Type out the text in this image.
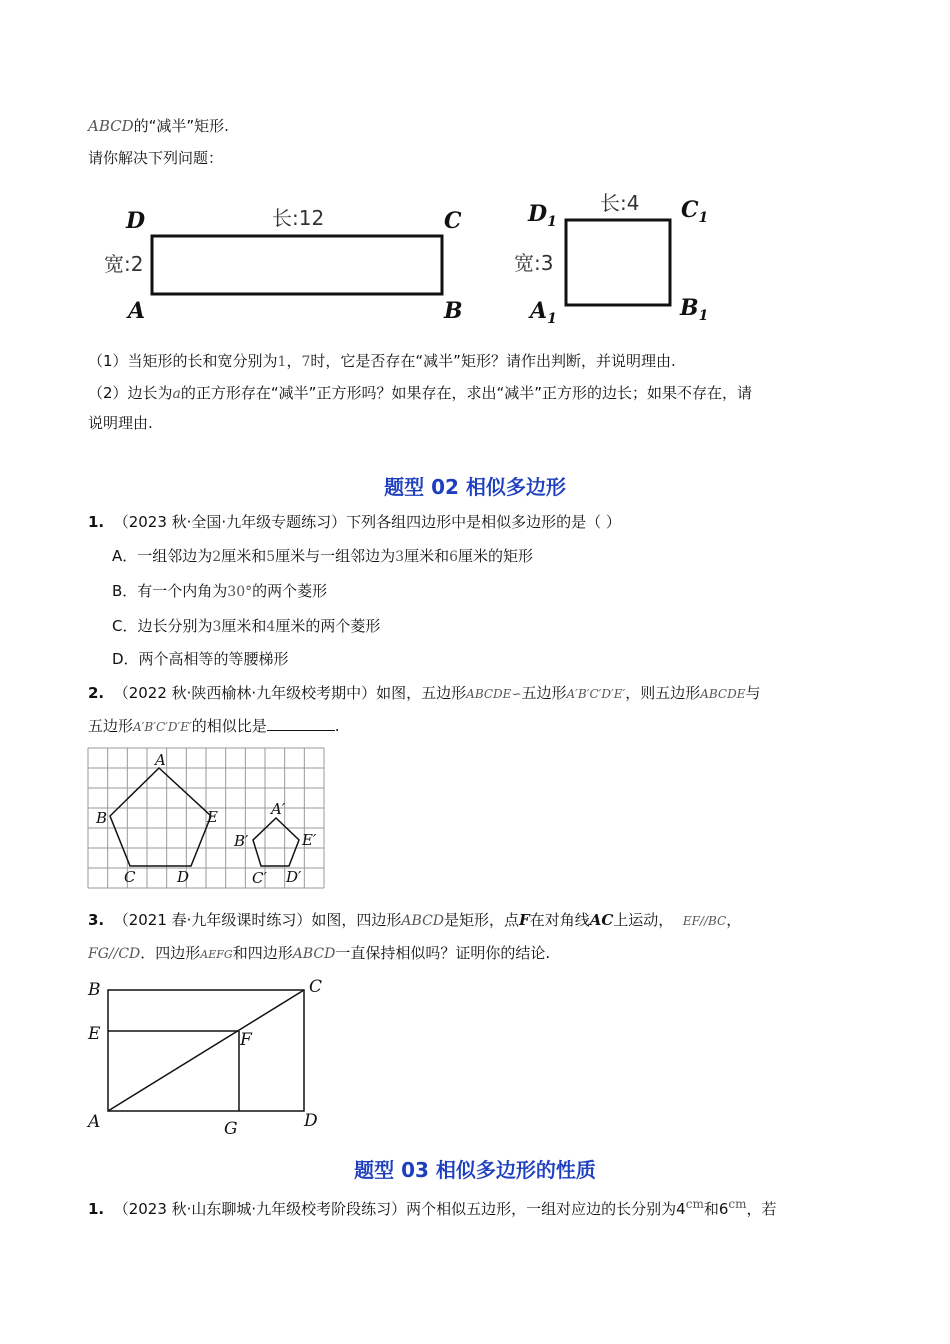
ABCD的“减半”矩形.
请你解决下列问题：
D	C
A	B
长:12
宽:2
$D_1$	$C_1$
$A_1$	$B_1$
长:4
宽:3
（1）当矩形的长和宽分别为1，7时，它是否存在“减半”矩形？请作出判断，并说明理由.
（2）边长为a的正方形存在“减半”正方形吗？如果存在，求出“减半”正方形的边长；如果不存在，请
说明理由.
题型 02 相似多边形
1. （2023 秋·全国·九年级专题练习）下列各组四边形中是相似多边形的是（ ）
A．一组邻边为2厘米和5厘米与一组邻边为3厘米和6厘米的矩形
B．有一个内角为30°的两个菱形
C．边长分别为3厘米和4厘米的两个菱形
D．两个高相等的等腰梯形
2. （2022 秋·陕西榆林·九年级校考期中）如图，五边形ABCDE∽五边形A′B′C′D′E′，则五边形ABCDE与
五边形A′B′C′D′E′的相似比是	.
A
B	E
C	D
A′
B′	E′
C′ D′
3. （2021 春·九年级课时练习）如图，四边形ABCD是矩形，点F在对角线AC上运动， EF//BC，
FG//CD．四边形AEFG和四边形ABCD一直保持相似吗？证明你的结论.
B	C
E	F
A	G	D
题型 03 相似多边形的性质
1. （2023 秋·山东聊城·九年级校考阶段练习）两个相似五边形，一组对应边的长分别为$4^{cm}$和$6^{cm}$，若
